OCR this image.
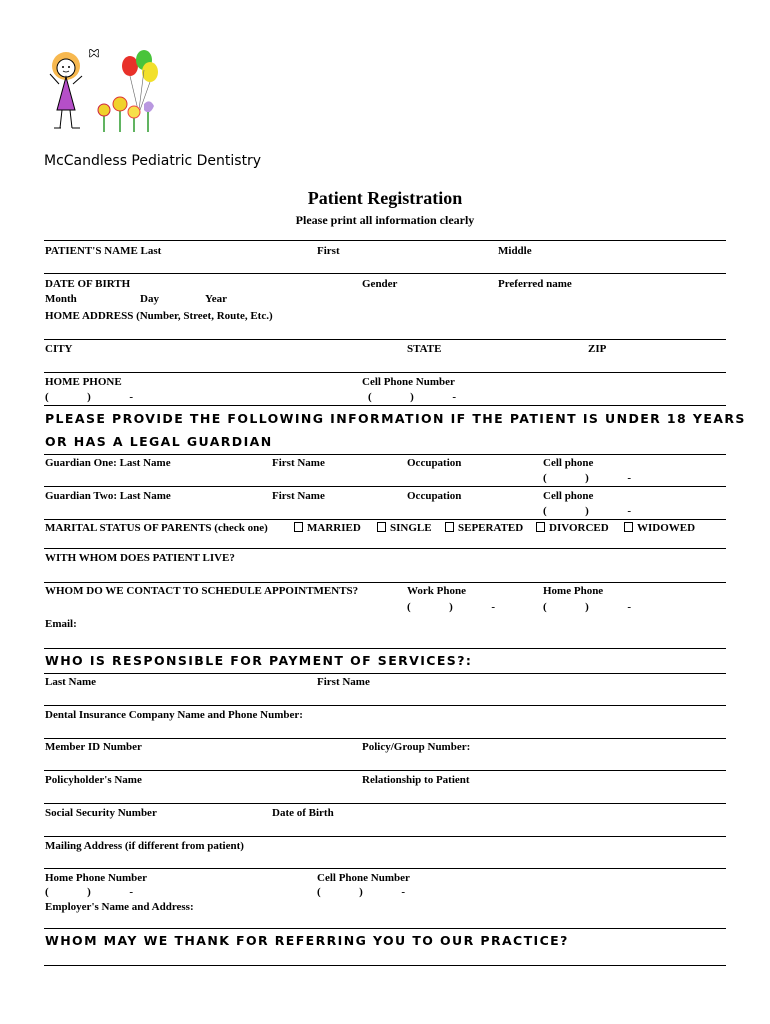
McCandless Pediatric Dentistry
Patient Registration
Please print all information clearly
PATIENT'S NAME Last	First	Middle
DATE OF BIRTH	Gender	Preferred name
Month	Day	Year
HOME ADDRESS (Number, Street, Route, Etc.)
CITY	STATE	ZIP
HOME PHONE	Cell Phone Number
(              )              -	(              )              -
PLEASE PROVIDE THE FOLLOWING INFORMATION IF THE PATIENT IS UNDER 18 YEARS
OR HAS A LEGAL GUARDIAN
Guardian One: Last Name	First Name	Occupation	Cell phone
(              )              -
Guardian Two: Last Name	First Name	Occupation	Cell phone
(              )              -
MARITAL STATUS OF PARENTS (check one)	MARRIED	SINGLE	SEPERATED	DIVORCED	WIDOWED
WITH WHOM DOES PATIENT LIVE?
WHOM DO WE CONTACT TO SCHEDULE APPOINTMENTS?	Work Phone	Home Phone
(              )              -	(              )              -
Email:
WHO IS RESPONSIBLE FOR PAYMENT OF SERVICES?:
Last Name	First Name
Dental Insurance Company Name and Phone Number:
Member ID Number	Policy/Group Number:
Policyholder's Name	Relationship to Patient
Social Security Number	Date of Birth
Mailing Address (if different from patient)
Home Phone Number	Cell Phone Number
(              )              -	(              )              -
Employer's Name and Address:
WHOM MAY WE THANK FOR REFERRING YOU TO OUR PRACTICE?
